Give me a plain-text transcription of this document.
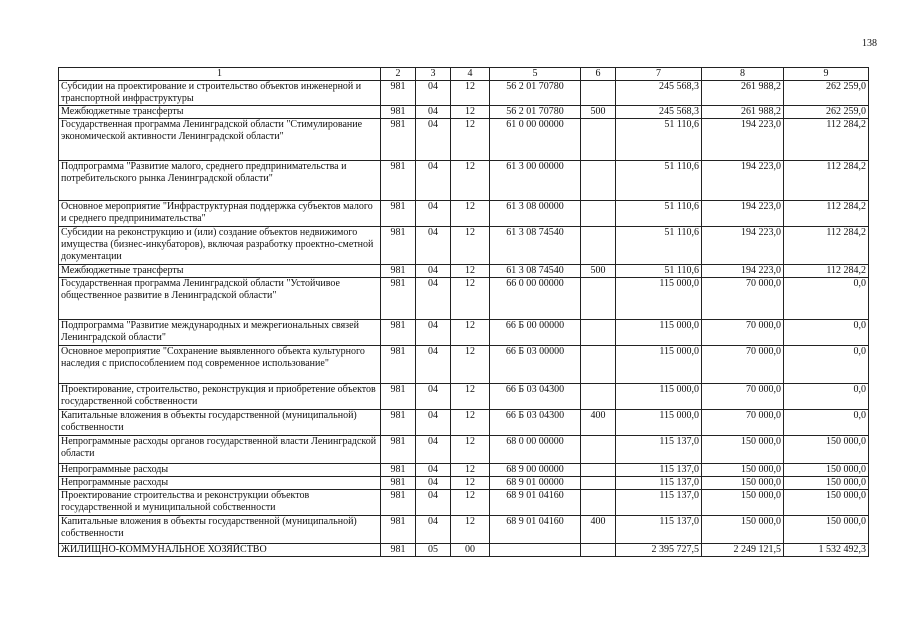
138
1	2	3	4	5	6	7	8	9
Субсидии на проектирование и строительство объектов инженерной и транспортной инфраструктуры	981	04	12	56 2 01 70780		245 568,3	261 988,2	262 259,0
Межбюджетные трансферты	981	04	12	56 2 01 70780	500	245 568,3	261 988,2	262 259,0
Государственная программа Ленинградской области "Стимулирование экономической активности Ленинградской области"	981	04	12	61 0 00 00000		51 110,6	194 223,0	112 284,2
Подпрограмма "Развитие малого, среднего предпринимательства и потребительского рынка Ленинградской области"	981	04	12	61 3 00 00000		51 110,6	194 223,0	112 284,2
Основное мероприятие "Инфраструктурная поддержка субъектов малого и среднего предпринимательства"	981	04	12	61 3 08 00000		51 110,6	194 223,0	112 284,2
Субсидии на реконструкцию и (или) создание объектов недвижимого имущества (бизнес-инкубаторов), включая разработку проектно-сметной документации	981	04	12	61 3 08 74540		51 110,6	194 223,0	112 284,2
Межбюджетные трансферты	981	04	12	61 3 08 74540	500	51 110,6	194 223,0	112 284,2
Государственная программа Ленинградской области "Устойчивое общественное развитие в Ленинградской области"	981	04	12	66 0 00 00000		115 000,0	70 000,0	0,0
Подпрограмма "Развитие международных и межрегиональных связей Ленинградской области"	981	04	12	66 Б 00 00000		115 000,0	70 000,0	0,0
Основное мероприятие "Сохранение выявленного объекта культурного наследия с приспособлением под современное использование"	981	04	12	66 Б 03 00000		115 000,0	70 000,0	0,0
Проектирование, строительство, реконструкция и приобретение объектов государственной собственности	981	04	12	66 Б 03 04300		115 000,0	70 000,0	0,0
Капитальные вложения в объекты государственной (муниципальной) собственности	981	04	12	66 Б 03 04300	400	115 000,0	70 000,0	0,0
Непрограммные расходы органов государственной власти Ленинградской области	981	04	12	68 0 00 00000		115 137,0	150 000,0	150 000,0
Непрограммные расходы	981	04	12	68 9 00 00000		115 137,0	150 000,0	150 000,0
Непрограммные расходы	981	04	12	68 9 01 00000		115 137,0	150 000,0	150 000,0
Проектирование строительства и реконструкции объектов государственной и муниципальной собственности	981	04	12	68 9 01 04160		115 137,0	150 000,0	150 000,0
Капитальные вложения в объекты государственной (муниципальной) собственности	981	04	12	68 9 01 04160	400	115 137,0	150 000,0	150 000,0
ЖИЛИЩНО-КОММУНАЛЬНОЕ ХОЗЯЙСТВО	981	05	00			2 395 727,5	2 249 121,5	1 532 492,3
